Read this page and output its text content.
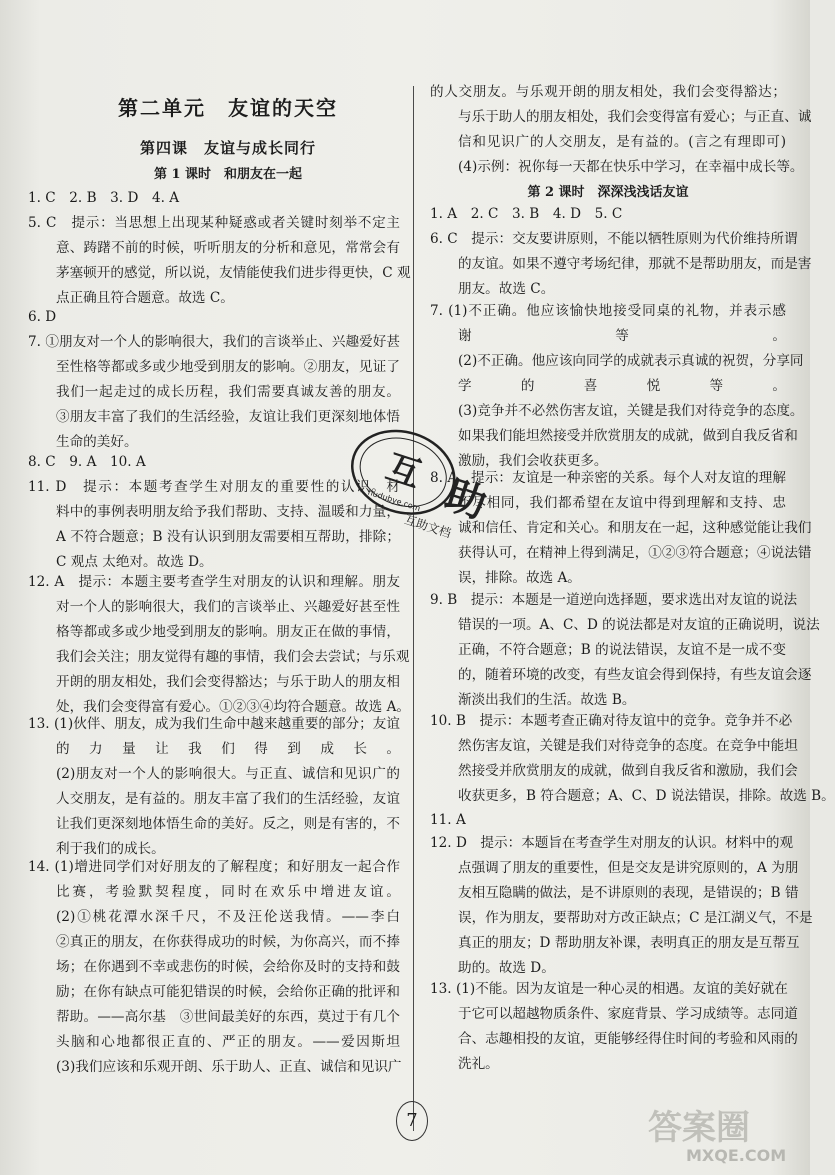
第二单元　友谊的天空
第四课　友谊与成长同行
第 1 课时　和朋友在一起
1. C　2. B　3. D　4. A
5. C　提示：当思想上出现某种疑惑或者关键时刻举不定主
意、踌躇不前的时候，听听朋友的分析和意见，常常会有
茅塞顿开的感觉，所以说，友情能使我们进步得更快，C 观
点正确且符合题意。故选 C。
6. D
7. ①朋友对一个人的影响很大，我们的言谈举止、兴趣爱好甚
至性格等都或多或少地受到朋友的影响。②朋友，见证了
我们一起走过的成长历程，我们需要真诚友善的朋友。
③朋友丰富了我们的生活经验，友谊让我们更深刻地体悟
生命的美好。
8. C　9. A　10. A
11. D　提示：本题考查学生对朋友的重要性的认识。材
料中的事例表明朋友给予我们帮助、支持、温暖和力量，
A 不符合题意；B 没有认识到朋友需要相互帮助，排除；
C 观点 太绝对。故选 D。
12. A　提示：本题主要考查学生对朋友的认识和理解。朋友
对一个人的影响很大，我们的言谈举止、兴趣爱好甚至性
格等都或多或少地受到朋友的影响。朋友正在做的事情，
我们会关注；朋友觉得有趣的事情，我们会去尝试；与乐观
开朗的朋友相处，我们会变得豁达；与乐于助人的朋友相
处，我们会变得富有爱心。①②③④均符合题意。故选 A。
13. (1)伙伴、朋友，成为我们生命中越来越重要的部分；友谊
的力量让我们得到成长。
(2)朋友对一个人的影响很大。与正直、诚信和见识广的
人交朋友，是有益的。朋友丰富了我们的生活经验，友谊
让我们更深刻地体悟生命的美好。反之，则是有害的，不
利于我们的成长。
14. (1)增进同学们对好朋友的了解程度；和好朋友一起合作
比赛，考验默契程度，同时在欢乐中增进友谊。
(2)①桃花潭水深千尺，不及汪伦送我情。——李白
②真正的朋友，在你获得成功的时候，为你高兴，而不捧
场；在你遇到不幸或悲伤的时候，会给你及时的支持和鼓
励；在你有缺点可能犯错误的时候，会给你正确的批评和
帮助。——高尔基　③世间最美好的东西，莫过于有几个
头脑和心地都很正直的、严正的朋友。——爱因斯坦
(3)我们应该和乐观开朗、乐于助人、正直、诚信和见识广
的人交朋友。与乐观开朗的朋友相处，我们会变得豁达；
与乐于助人的朋友相处，我们会变得富有爱心；与正直、诚
信和见识广的人交朋友，是有益的。(言之有理即可)
(4)示例：祝你每一天都在快乐中学习，在幸福中成长等。
第 2 课时　深深浅浅话友谊
1. A　2. C　3. B　4. D　5. C
6. C　提示：交友要讲原则，不能以牺牲原则为代价维持所谓
的友谊。如果不遵守考场纪律，那就不是帮助朋友，而是害
朋友。故选 C。
7. (1)不正确。他应该愉快地接受同桌的礼物，并表示感
谢等。
(2)不正确。他应该向同学的成就表示真诚的祝贺，分享同
学的喜悦等。
(3)竞争并不必然伤害友谊，关键是我们对待竞争的态度。
如果我们能坦然接受并欣赏朋友的成就，做到自我反省和
激励，我们会收获更多。
8. A　提示：友谊是一种亲密的关系。每个人对友谊的理解
不尽相同，我们都希望在友谊中得到理解和支持、忠
诚和信任、肯定和关心。和朋友在一起，这种感觉能让我们
获得认可，在精神上得到满足，①②③符合题意；④说法错
误，排除。故选 A。
9. B　提示：本题是一道逆向选择题，要求选出对友谊的说法
错误的一项。A、C、D 的说法都是对友谊的正确说明，说法
正确，不符合题意；B 的说法错误，友谊不是一成不变
的，随着环境的改变，有些友谊会得到保持，有些友谊会逐
渐淡出我们的生活。故选 B。
10. B　提示：本题考查正确对待友谊中的竞争。竞争并不必
然伤害友谊，关键是我们对待竞争的态度。在竞争中能坦
然接受并欣赏朋友的成就，做到自我反省和激励，我们会
收获更多，B 符合题意；A、C、D 说法错误，排除。故选 B。
11. A
12. D　提示：本题旨在考查学生对朋友的认识。材料中的观
点强调了朋友的重要性，但是交友是讲究原则的，A 为朋
友相互隐瞒的做法，是不讲原则的表现，是错误的；B 错
误，作为朋友，要帮助对方改正缺点；C 是江湖义气，不是
真正的朋友；D 帮助朋友补课，表明真正的朋友是互帮互
助的。故选 D。
13. (1)不能。因为友谊是一种心灵的相遇。友谊的美好就在
于它可以超越物质条件、家庭背景、学习成绩等。志同道
合、志趣相投的友谊，更能够经得住时间的考验和风雨的
洗礼。
互
助
hudubye.com
互助文档
7	答案圈
MXQE.COM
